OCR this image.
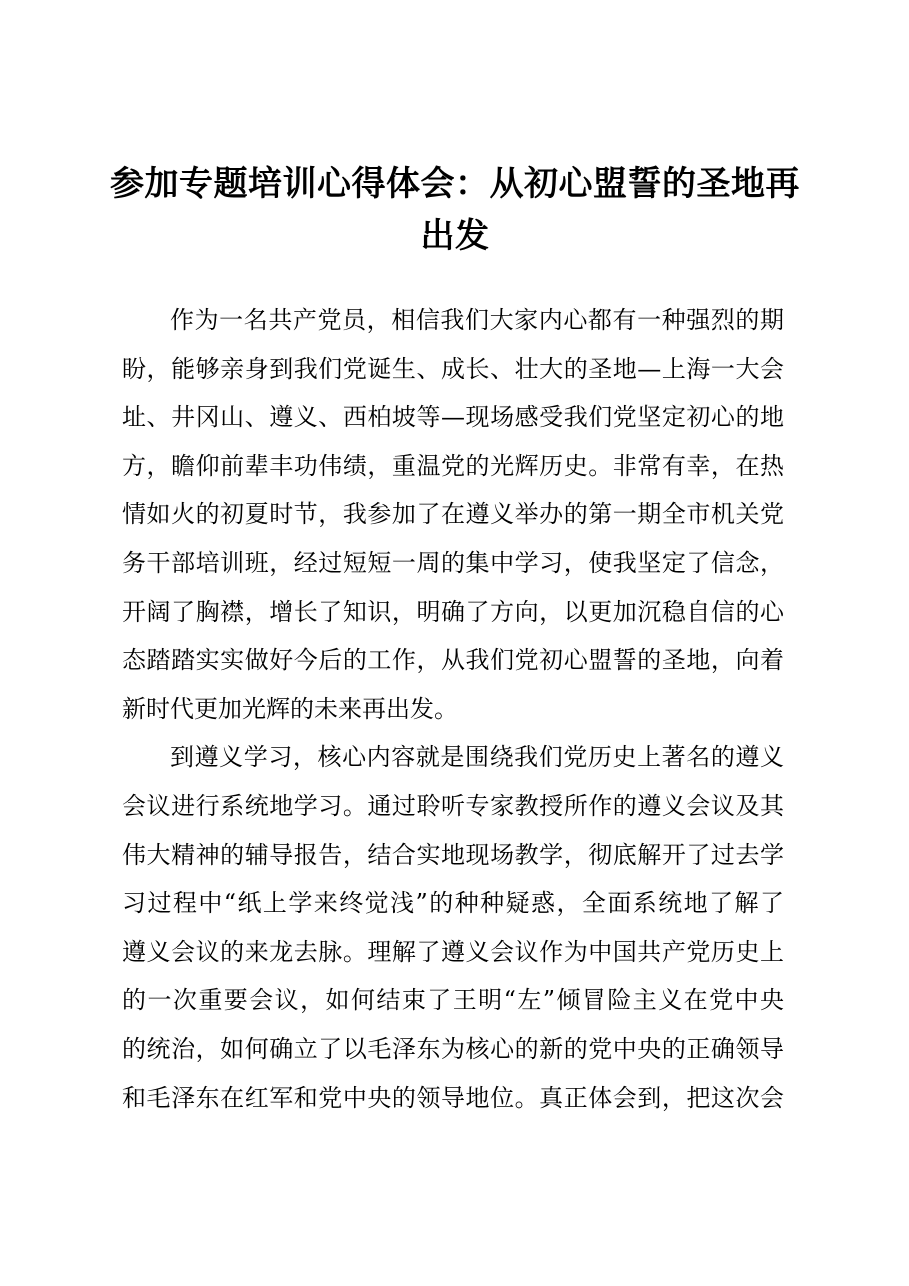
参加专题培训心得体会：从初心盟誓的圣地再
出发
作为一名共产党员，相信我们大家内心都有一种强烈的期
盼，能够亲身到我们党诞生、成长、壮大的圣地—上海一大会
址、井冈山、遵义、西柏坡等—现场感受我们党坚定初心的地
方，瞻仰前辈丰功伟绩，重温党的光辉历史。非常有幸，在热
情如火的初夏时节，我参加了在遵义举办的第一期全市机关党
务干部培训班，经过短短一周的集中学习，使我坚定了信念，
开阔了胸襟，增长了知识，明确了方向，以更加沉稳自信的心
态踏踏实实做好今后的工作，从我们党初心盟誓的圣地，向着
新时代更加光辉的未来再出发。
到遵义学习，核心内容就是围绕我们党历史上著名的遵义
会议进行系统地学习。通过聆听专家教授所作的遵义会议及其
伟大精神的辅导报告，结合实地现场教学，彻底解开了过去学
习过程中“纸上学来终觉浅”的种种疑惑，全面系统地了解了
遵义会议的来龙去脉。理解了遵义会议作为中国共产党历史上
的一次重要会议，如何结束了王明“左”倾冒险主义在党中央
的统治，如何确立了以毛泽东为核心的新的党中央的正确领导
和毛泽东在红军和党中央的领导地位。真正体会到，把这次会
